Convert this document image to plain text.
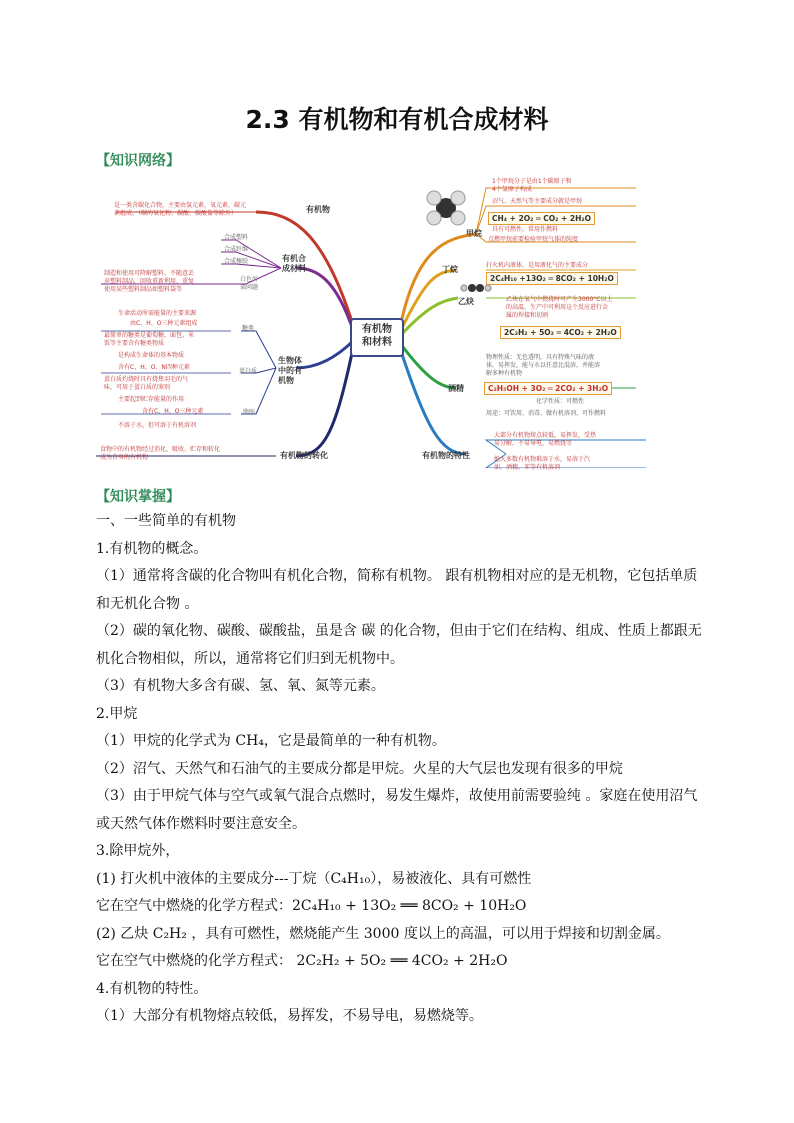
2.3 有机物和有机合成材料
【知识网络】
有机物
和材料
有机物
是一类含碳化合物，主要由氢元素、氧元素、碳元
素组成。（碳的氧化物、碳酸、碳酸盐等除外）
有机合
成材料
合成塑料
合成纤维
合成橡胶
白色污
染问题
制造和使用可降解塑料，不随意丢
弃塑料制品，回收重新利用，重复
使用某些塑料制品如塑料袋等
生物体
中的有
机物
糖类
生命活动所需能量的主要来源
由C、H、O三种元素组成
最简单的糖类是葡萄糖，面包、米
饭等主要含有糖类物质
蛋白质
是构成生命体的基本物质
含有C、H、O、N四种元素
蛋白质灼烧时具有烧焦羽毛的气
味，可用于蛋白质的鉴别
脂肪
主要起到贮存能量的作用
含有C、H、O三种元素
不溶于水，但可溶于有机溶剂
有机物的转化
食物中的有机物经过消化、吸收、贮存和转化
成为自身的有机物
甲烷
1个甲烷分子是由1个碳原子和
4个氢原子构成
沼气、天然气等主要成分就是甲烷
CH₄ + 2O₂ ═ CO₂ + 2H₂O
具有可燃性，常用作燃料
点燃甲烷前要检验甲烷气体的纯度
丁烷	打火机内液体，是用液化气的主要成分
2C₄H₁₀ +13O₂ ═ 8CO₂ + 10H₂O
乙炔	乙炔在氧气中燃烧时可产生3000°C以上
的高温，生产中可利用这个反应进行金
属的焊接和切割
2C₂H₂ + 5O₂ ═ 4CO₂ + 2H₂O
酒精
物理性质：无色透明，具有特殊气味的液
体，易挥发，能与水以任意比混溶，并能溶
解多种有机物
C₂H₅OH + 3O₂ ═ 2CO₂ + 3H₂O
化学性质：可燃性
用途：可饮用、消毒、做有机溶剂，可作燃料
有机物的特性
大部分有机物熔点较低，易挥发，受热
易分解，不易导电，易燃烧等
绝大多数有机物难溶于水，易溶于汽
油、酒精、苯等有机溶剂
【知识掌握】

一、一些简单的有机物

1.有机物的概念。

（1）通常将含碳的化合物叫有机化合物，简称有机物。 跟有机物相对应的是无机物，它包括单质

和无机化合物 。

（2）碳的氧化物、碳酸、碳酸盐，虽是含 碳 的化合物，但由于它们在结构、组成、性质上都跟无

机化合物相似，所以，通常将它们归到无机物中。

（3）有机物大多含有碳、氢、氧、氮等元素。

2.甲烷

（1）甲烷的化学式为 CH₄，它是最简单的一种有机物。

（2）沼气、天然气和石油气的主要成分都是甲烷。火星的大气层也发现有很多的甲烷

（3）由于甲烷气体与空气或氧气混合点燃时，易发生爆炸，故使用前需要验纯 。家庭在使用沼气

或天然气体作燃料时要注意安全。

3.除甲烷外，

(1) 打火机中液体的主要成分---丁烷（C₄H₁₀），易被液化、具有可燃性

它在空气中燃烧的化学方程式：2C₄H₁₀ + 13O₂ ══ 8CO₂ + 10H₂O

(2) 乙炔 C₂H₂ ，具有可燃性，燃烧能产生 3000 度以上的高温，可以用于焊接和切割金属。

它在空气中燃烧的化学方程式： 2C₂H₂ + 5O₂ ══ 4CO₂ + 2H₂O

4.有机物的特性。

（1）大部分有机物熔点较低，易挥发，不易导电，易燃烧等。
